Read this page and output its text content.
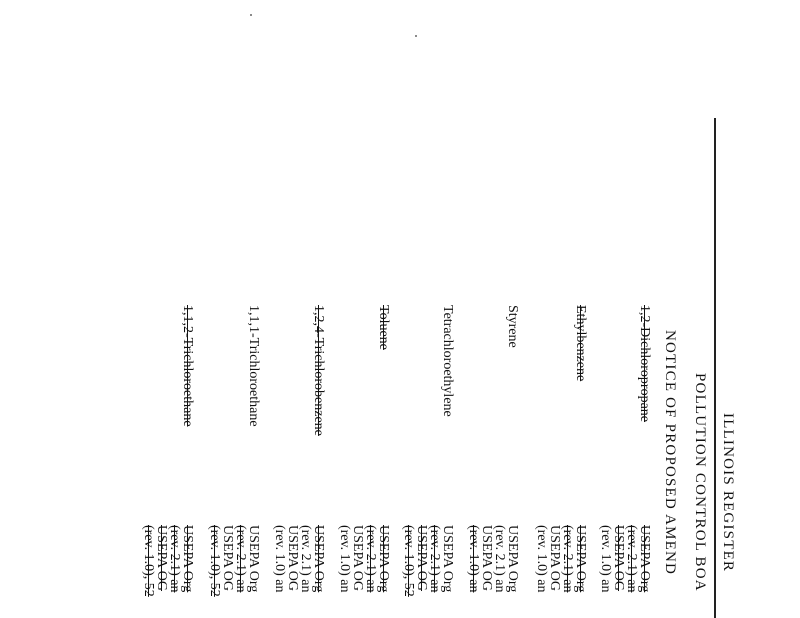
ILLINOIS REGISTER
POLLUTION CONTROL BOA
NOTICE OF PROPOSED AMEND
1,2-Dichloropropane
USEPA Org
(rev. 2.1) an
USEPA OG
(rev. 1.0) an
Ethylbenzene
USEPA Org
(rev. 2.1) an
USEPA OG
(rev. 1.0) an
Styrene
USEPA Org
(rev. 2.1) an
USEPA OG
(rev. 1.0) an
Tetrachloroethylene
USEPA Org
(rev. 2.1) an
USEPA OG
(rev. 1.0), 52
Toluene
USEPA Org
(rev. 2.1) an
USEPA OG
(rev. 1.0) an
1,2,4-Trichlorobenzene
USEPA Org
(rev. 2.1) an
USEPA OG
(rev. 1.0) an
1,1,1-Trichloroethane
USEPA Org
(rev. 2.1) an
USEPA OG
(rev. 1.0), 52
1,1,2-Trichloroethane
USEPA Org
(rev. 2.1) an
USEPA OG
(rev. 1.0), 52
